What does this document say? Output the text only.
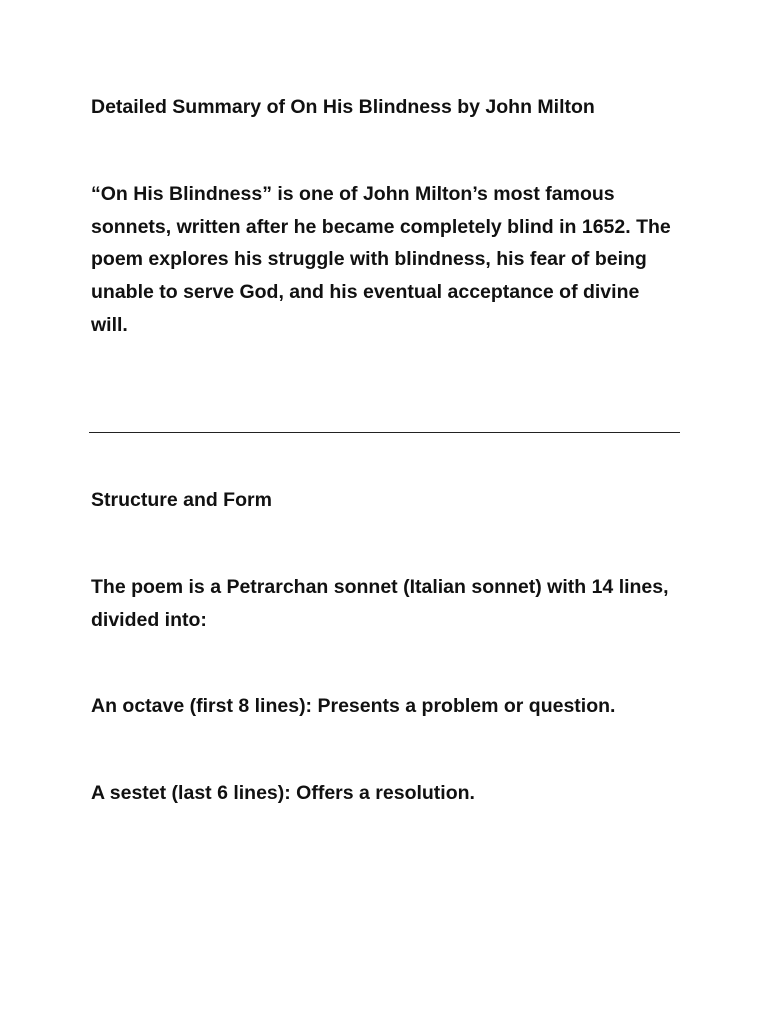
Detailed Summary of On His Blindness by John Milton

“On His Blindness” is one of John Milton’s most famous sonnets, written after he became completely blind in 1652. The poem explores his struggle with blindness, his fear of being unable to serve God, and his eventual acceptance of divine will.

Structure and Form

The poem is a Petrarchan sonnet (Italian sonnet) with 14 lines, divided into:

An octave (first 8 lines): Presents a problem or question.

A sestet (last 6 lines): Offers a resolution.
